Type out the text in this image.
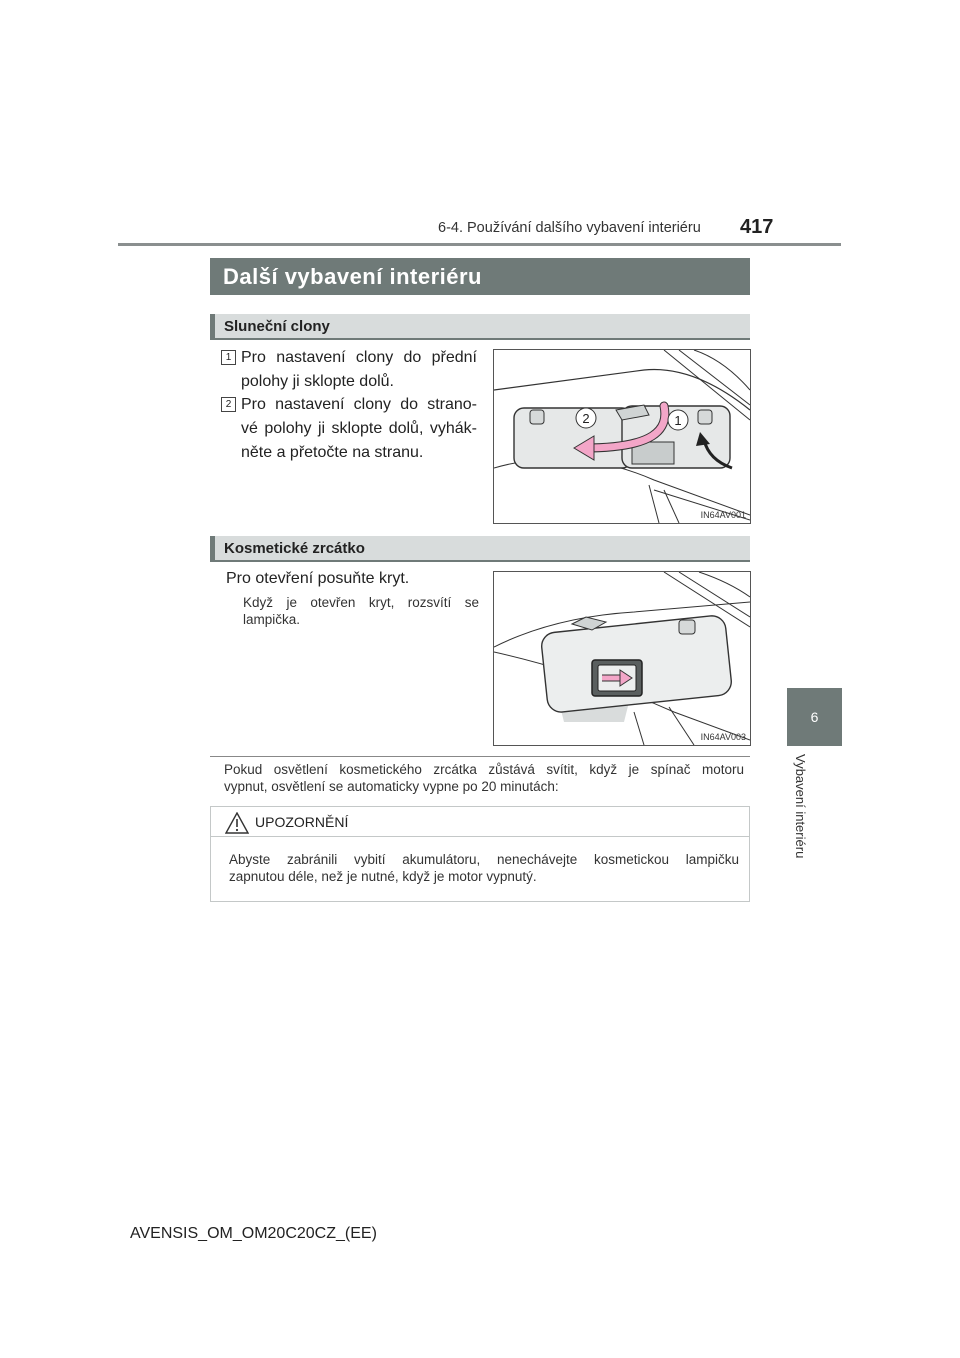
6-4. Používání dalšího vybavení interiéru 417
6
Vybavení interiéru
Další vybavení interiéru
Sluneční clony
1 Pro nastavení clony do přední
polohy ji sklopte dolů.
2 Pro nastavení clony do strano-
vé polohy ji sklopte dolů, vyhák-
něte a přetočte na stranu.
2	1
IN64AV001
Kosmetické zrcátko
Pro otevření posuňte kryt.
Když je otevřen kryt, rozsvítí se
lampička.
IN64AV003
Pokud osvětlení kosmetického zrcátka zůstává svítit, když je spínač motoru
vypnut, osvětlení se automaticky vypne po 20 minutách:
UPOZORNĚNÍ
Abyste zabránili vybití akumulátoru, nenechávejte kosmetickou lampičku
zapnutou déle, než je nutné, když je motor vypnutý.
AVENSIS_OM_OM20C20CZ_(EE)
